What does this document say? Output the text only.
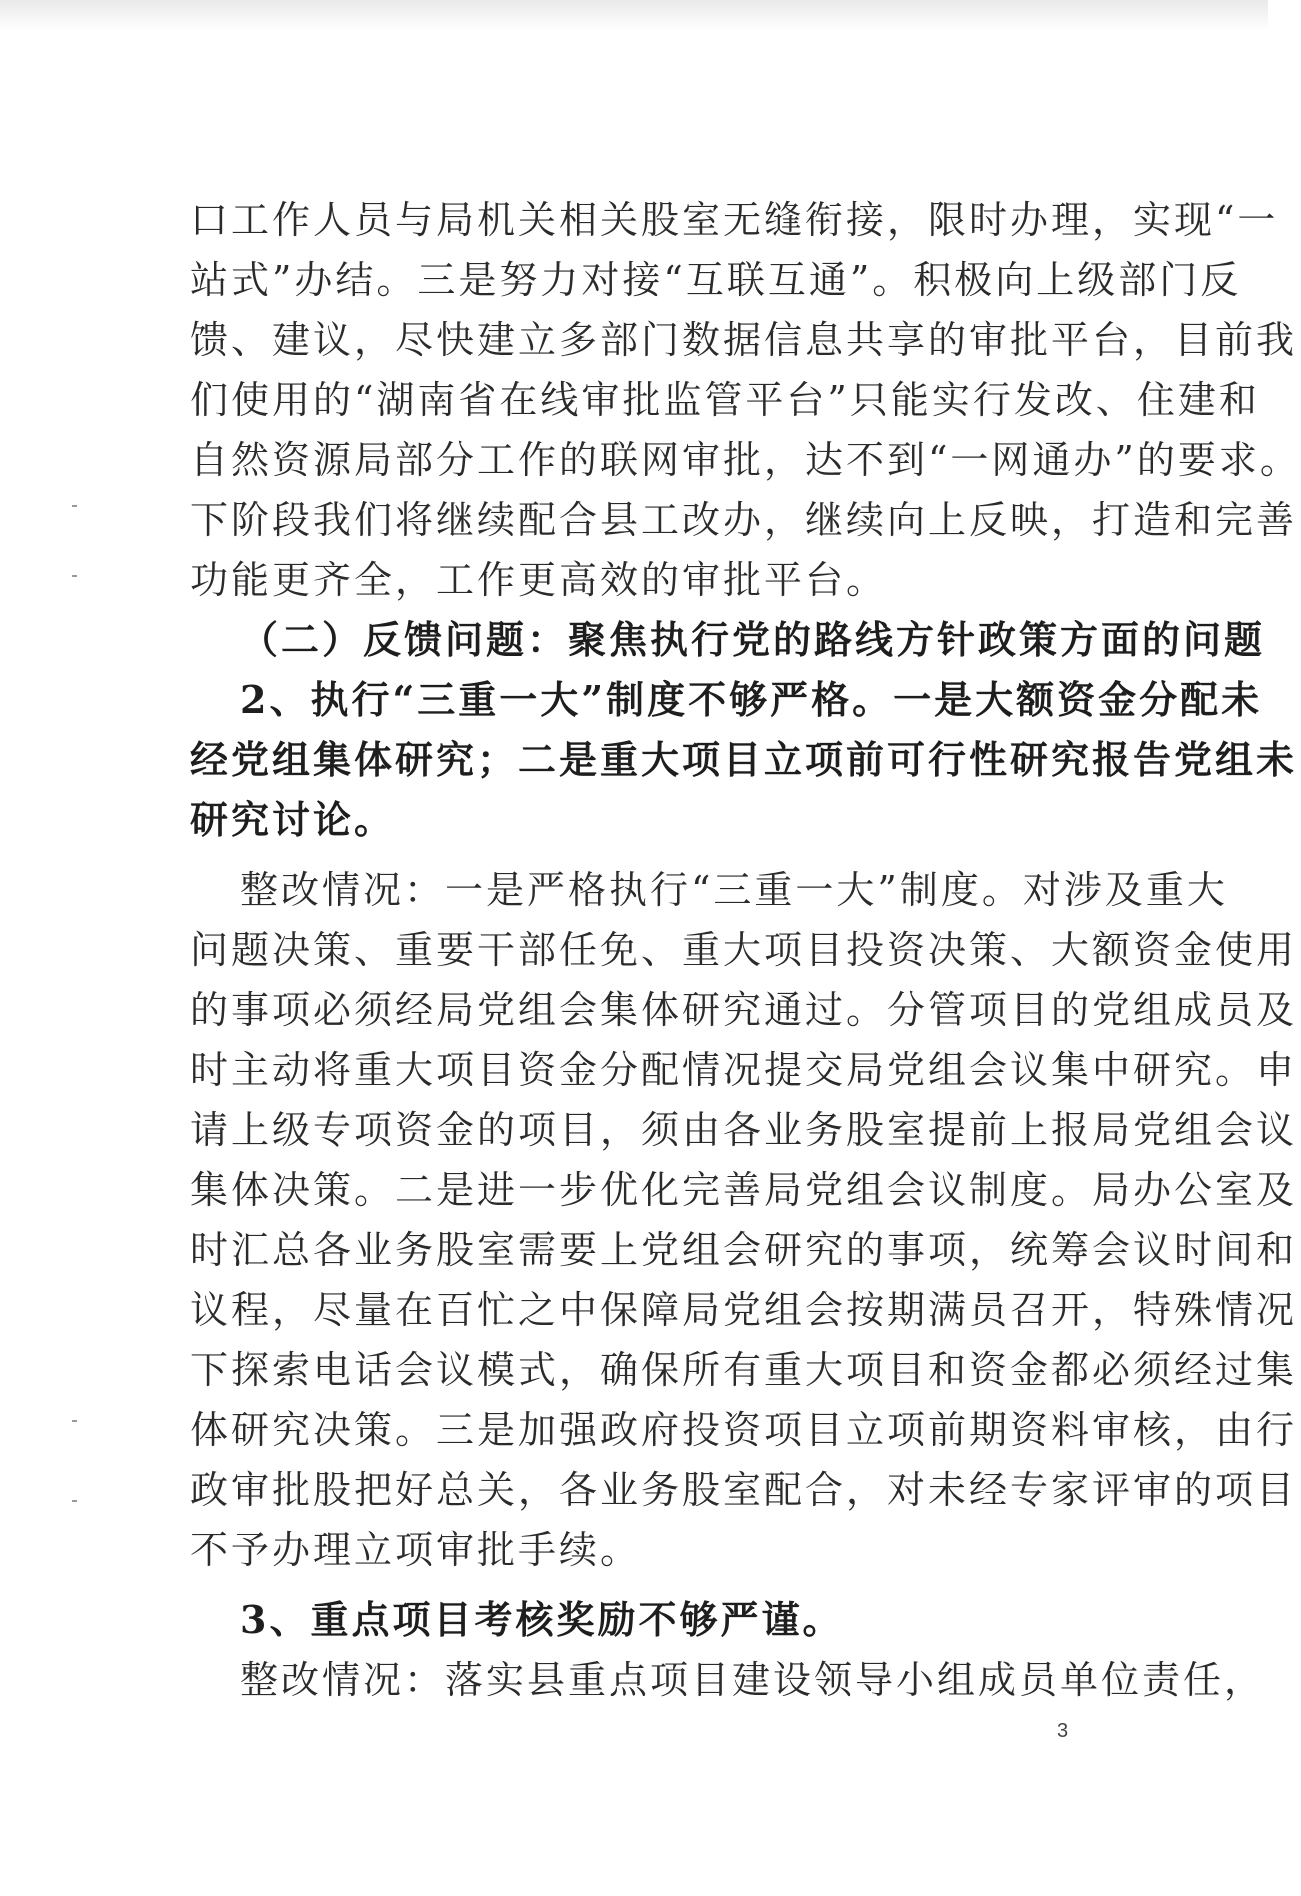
口工作人员与局机关相关股室无缝衔接，限时办理，实现“一
站式”办结。三是努力对接“互联互通”。积极向上级部门反
馈、建议，尽快建立多部门数据信息共享的审批平台，目前我
们使用的“湖南省在线审批监管平台”只能实行发改、住建和
自然资源局部分工作的联网审批，达不到“一网通办”的要求。
下阶段我们将继续配合县工改办，继续向上反映，打造和完善
功能更齐全，工作更高效的审批平台。
（二）反馈问题：聚焦执行党的路线方针政策方面的问题
2、执行“三重一大”制度不够严格。一是大额资金分配未
经党组集体研究；二是重大项目立项前可行性研究报告党组未
研究讨论。
整改情况：一是严格执行“三重一大”制度。对涉及重大
问题决策、重要干部任免、重大项目投资决策、大额资金使用
的事项必须经局党组会集体研究通过。分管项目的党组成员及
时主动将重大项目资金分配情况提交局党组会议集中研究。申
请上级专项资金的项目，须由各业务股室提前上报局党组会议
集体决策。二是进一步优化完善局党组会议制度。局办公室及
时汇总各业务股室需要上党组会研究的事项，统筹会议时间和
议程，尽量在百忙之中保障局党组会按期满员召开，特殊情况
下探索电话会议模式，确保所有重大项目和资金都必须经过集
体研究决策。三是加强政府投资项目立项前期资料审核，由行
政审批股把好总关，各业务股室配合，对未经专家评审的项目
不予办理立项审批手续。
3、重点项目考核奖励不够严谨。
整改情况：落实县重点项目建设领导小组成员单位责任，
3
